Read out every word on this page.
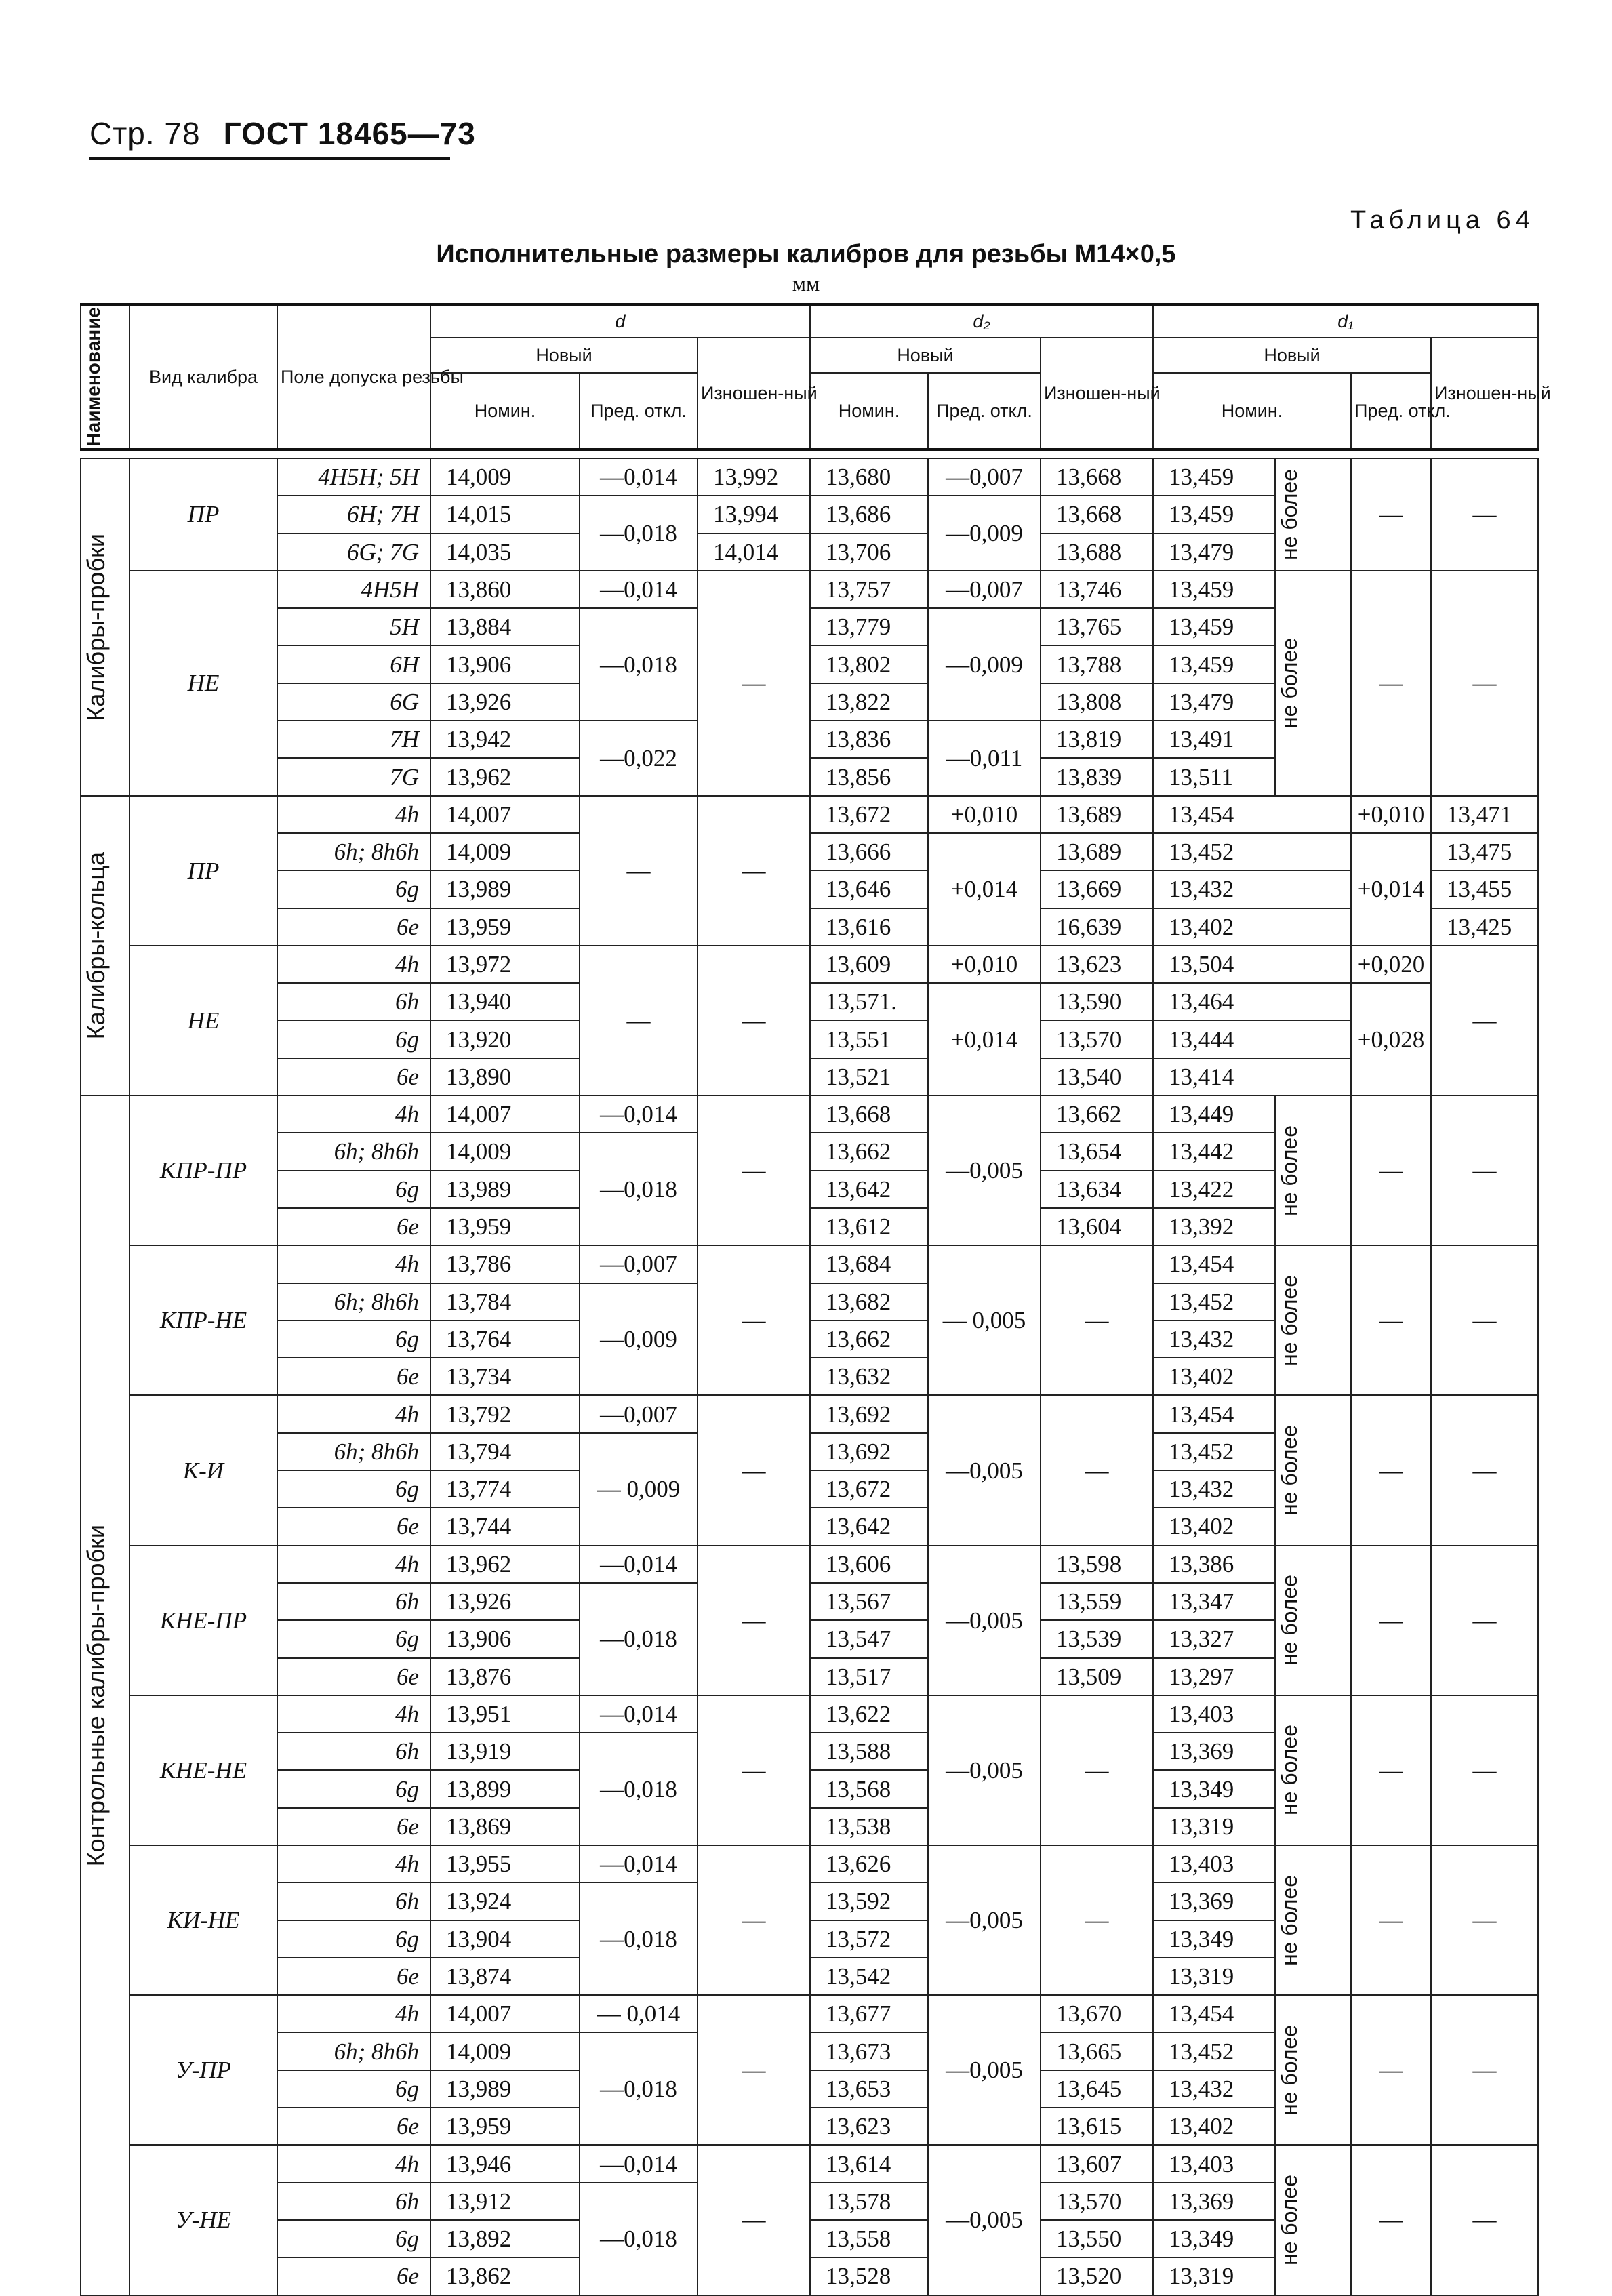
Стр. 78 ГОСТ 18465—73
Таблица 64
Исполнительные размеры калибров для резьбы М14×0,5
мм
Наименование	Вид калибра	Поле допуска резьбы	d			d₂			d₁			
			Новый		Изношен-ный	Новый		Изношен-ный	Новый			Изношен-ный
			Номин.	Пред. откл.		Номин.	Пред. откл.		Номин.		Пред. откл.	

Калибры-пробки	ПР	4H5H; 5H	14,009	—0,014	13,992	13,680	—0,007	13,668	13,459	не более	—	—
		6H; 7H	14,015	—0,018	13,994	13,686	—0,009	13,668	13,459			
		6G; 7G	14,035		14,014	13,706		13,688	13,479			
	НЕ	4H5H	13,860	—0,014	—	13,757	—0,007	13,746	13,459	не более	—	—
		5H	13,884	—0,018		13,779	—0,009	13,765	13,459			
		6H	13,906			13,802		13,788	13,459			
		6G	13,926			13,822		13,808	13,479			
		7H	13,942	—0,022		13,836	—0,011	13,819	13,491			
		7G	13,962			13,856		13,839	13,511			

Калибры-кольца	ПР	4h	14,007	—	—	13,672	+0,010	13,689	13,454		+0,010	13,471
		6h; 8h6h	14,009			13,666	+0,014	13,689	13,452		+0,014	13,475
		6g	13,989			13,646		13,669	13,432			13,455
		6e	13,959			13,616		16,639	13,402			13,425
	НЕ	4h	13,972	—	—	13,609	+0,010	13,623	13,504		+0,020	—
		6h	13,940			13,571.	+0,014	13,590	13,464		+0,028	
		6g	13,920			13,551		13,570	13,444			
		6e	13,890			13,521		13,540	13,414			

Контрольные калибры-пробки	КПР-ПР	4h	14,007	—0,014	—	13,668	—0,005	13,662	13,449	не более	—	—
		6h; 8h6h	14,009	—0,018		13,662		13,654	13,442			
		6g	13,989			13,642		13,634	13,422			
		6e	13,959			13,612		13,604	13,392			
	КПР-НЕ	4h	13,786	—0,007	—	13,684	— 0,005	—	13,454	не более	—	—
		6h; 8h6h	13,784	—0,009		13,682			13,452			
		6g	13,764			13,662			13,432			
		6e	13,734			13,632			13,402			
	К-И	4h	13,792	—0,007	—	13,692	—0,005	—	13,454	не более	—	—
		6h; 8h6h	13,794	— 0,009		13,692			13,452			
		6g	13,774			13,672			13,432			
		6e	13,744			13,642			13,402			
	КНЕ-ПР	4h	13,962	—0,014	—	13,606	—0,005	13,598	13,386	не более	—	—
		6h	13,926	—0,018		13,567		13,559	13,347			
		6g	13,906			13,547		13,539	13,327			
		6e	13,876			13,517		13,509	13,297			
	КНЕ-НЕ	4h	13,951	—0,014	—	13,622	—0,005	—	13,403	не более	—	—
		6h	13,919	—0,018		13,588			13,369			
		6g	13,899			13,568			13,349			
		6e	13,869			13,538			13,319			
	КИ-НЕ	4h	13,955	—0,014	—	13,626	—0,005	—	13,403	не более	—	—
		6h	13,924	—0,018		13,592			13,369			
		6g	13,904			13,572			13,349			
		6e	13,874			13,542			13,319			
	У-ПР	4h	14,007	— 0,014	—	13,677	—0,005	13,670	13,454	не более	—	—
		6h; 8h6h	14,009	—0,018		13,673		13,665	13,452			
		6g	13,989			13,653		13,645	13,432			
		6e	13,959			13,623		13,615	13,402			
	У-НЕ	4h	13,946	—0,014	—	13,614	—0,005	13,607	13,403	не более	—	—
		6h	13,912	—0,018		13,578		13,570	13,369			
		6g	13,892			13,558		13,550	13,349			
		6e	13,862			13,528		13,520	13,319			
